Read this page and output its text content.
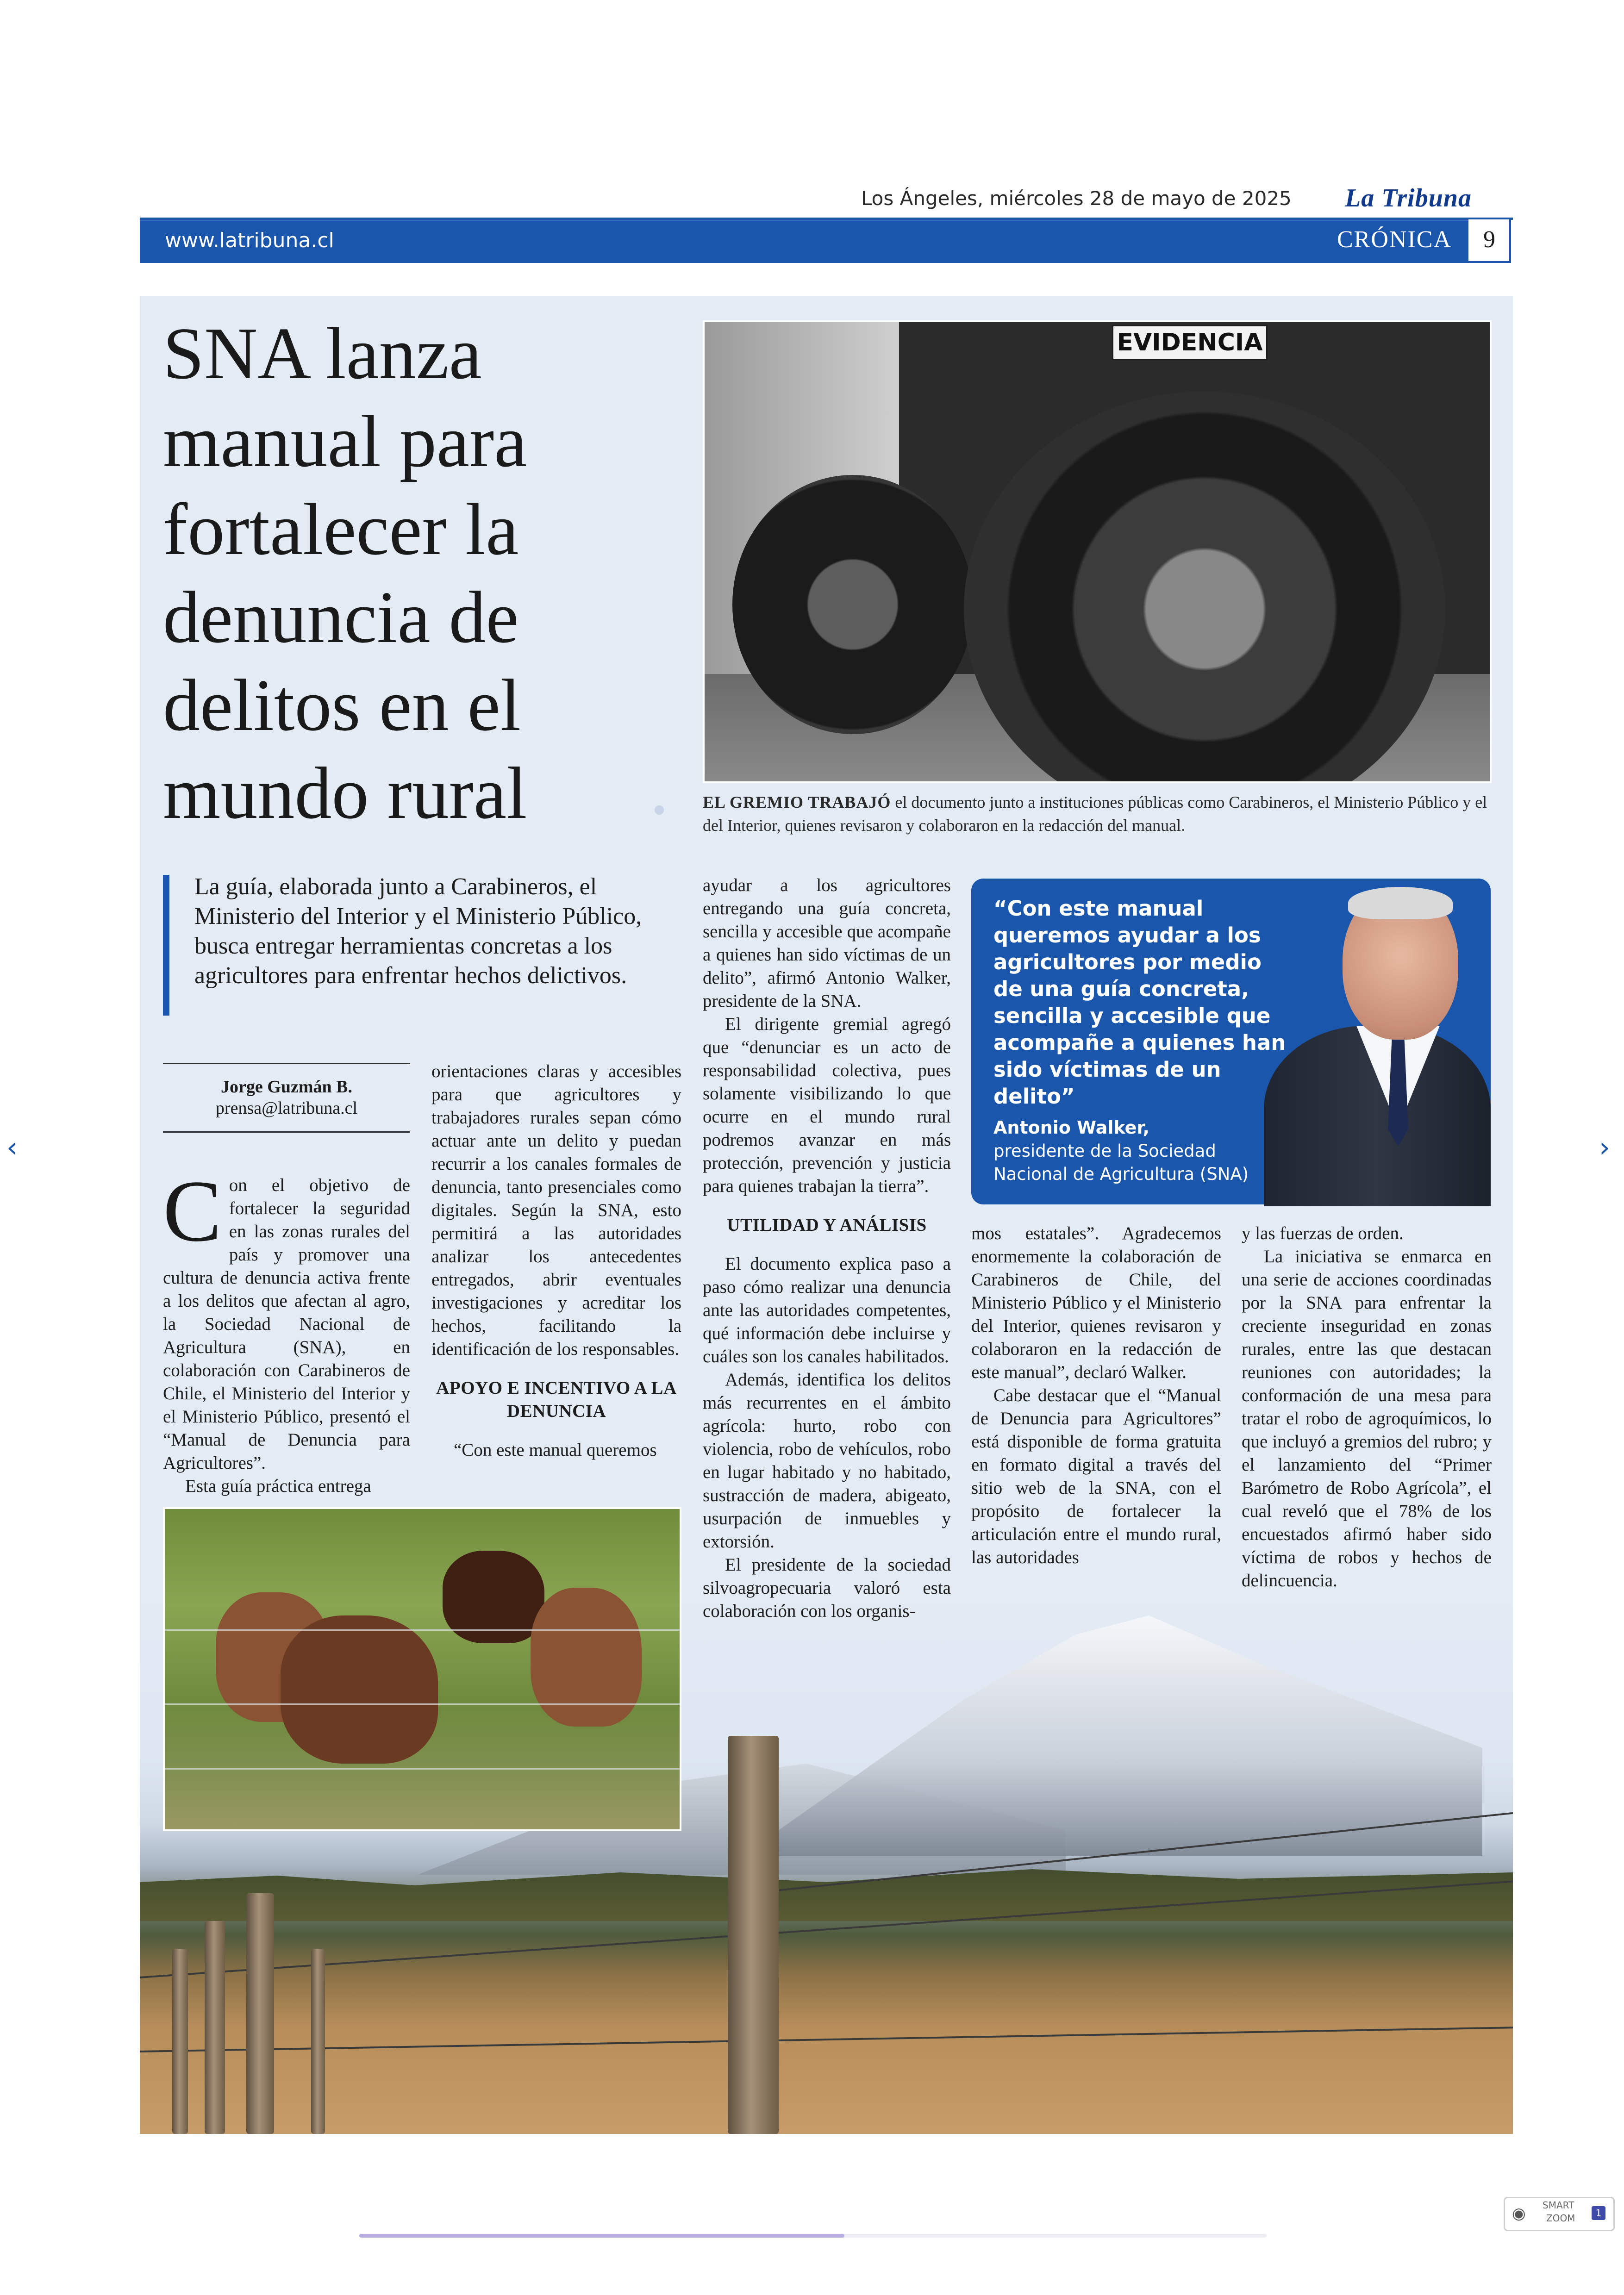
Los Ángeles, miércoles 28 de mayo de 2025 La Tribuna
www.latribuna.cl	CRÓNICA	9
SNA lanza manual para fortalecer la denuncia de delitos en el mundo rural
EVIDENCIA
EL GREMIO TRABAJÓ el documento junto a instituciones públicas como Carabineros, el Ministerio Público y el del Interior, quienes revisaron y colaboraron en la redacción del manual.
La guía, elaborada junto a Carabineros, el Ministerio del Interior y el Ministerio Público, busca entregar herramientas concretas a los agricultores para enfrentar hechos delictivos.
Jorge Guzmán B.
prensa@latribuna.cl

Con el objetivo de fortalecer la seguridad en las zonas rurales del país y promover una cultura de denuncia activa frente a los delitos que afectan al agro, la Sociedad Nacional de Agricultura (SNA), en colaboración con Carabineros de Chile, el Ministerio del Interior y el Ministerio Público, presentó el “Manual de Denuncia para Agricultores”.

Esta guía práctica entrega

orientaciones claras y accesibles para que agricultores y trabajadores rurales sepan cómo actuar ante un delito y puedan recurrir a los canales formales de denuncia, tanto presenciales como digitales. Según la SNA, esto permitirá a las autoridades analizar los antecedentes entregados, abrir eventuales investigaciones y acreditar los hechos, facilitando la identificación de los responsables.

APOYO E INCENTIVO A LA DENUNCIA

“Con este manual queremos

ayudar a los agricultores entregando una guía concreta, sencilla y accesible que acompañe a quienes han sido víctimas de un delito”, afirmó Antonio Walker, presidente de la SNA.

El dirigente gremial agregó que “denunciar es un acto de responsabilidad colectiva, pues solamente visibilizando lo que ocurre en el mundo rural podremos avanzar en más protección, prevención y justicia para quienes trabajan la tierra”.

UTILIDAD Y ANÁLISIS

El documento explica paso a paso cómo realizar una denuncia ante las autoridades competentes, qué información debe incluirse y cuáles son los canales habilitados.

Además, identifica los delitos más recurrentes en el ámbito agrícola: hurto, robo con violencia, robo de vehículos, robo en lugar habitado y no habitado, sustracción de madera, abigeato, usurpación de inmuebles y extorsión.

El presidente de la sociedad silvoagropecuaria valoró esta colaboración con los organis-

“Con este manual queremos ayudar a los agricultores por medio de una guía concreta, sencilla y accesible que acompañe a quienes han sido víctimas de un delito”
Antonio Walker,
presidente de la Sociedad Nacional de Agricultura (SNA)

mos estatales”. Agradecemos enormemente la colaboración de Carabineros de Chile, del Ministerio Público y el Ministerio del Interior, quienes revisaron y colaboraron en la redacción de este manual”, declaró Walker.

Cabe destacar que el “Manual de Denuncia para Agricultores” está disponible de forma gratuita en formato digital a través del sitio web de la SNA, con el propósito de fortalecer la articulación entre el mundo rural, las autoridades

y las fuerzas de orden.

La iniciativa se enmarca en una serie de acciones coordinadas por la SNA para enfrentar la creciente inseguridad en zonas rurales, entre las que destacan reuniones con autoridades; la conformación de una mesa para tratar el robo de agroquímicos, lo que incluyó a gremios del rubro; y el lanzamiento del “Primer Barómetro de Robo Agrícola”, el cual reveló que el 78% de los encuestados afirmó haber sido víctima de robos y hechos de delincuencia.

‹	›
◉ SMART
ZOOM	1
